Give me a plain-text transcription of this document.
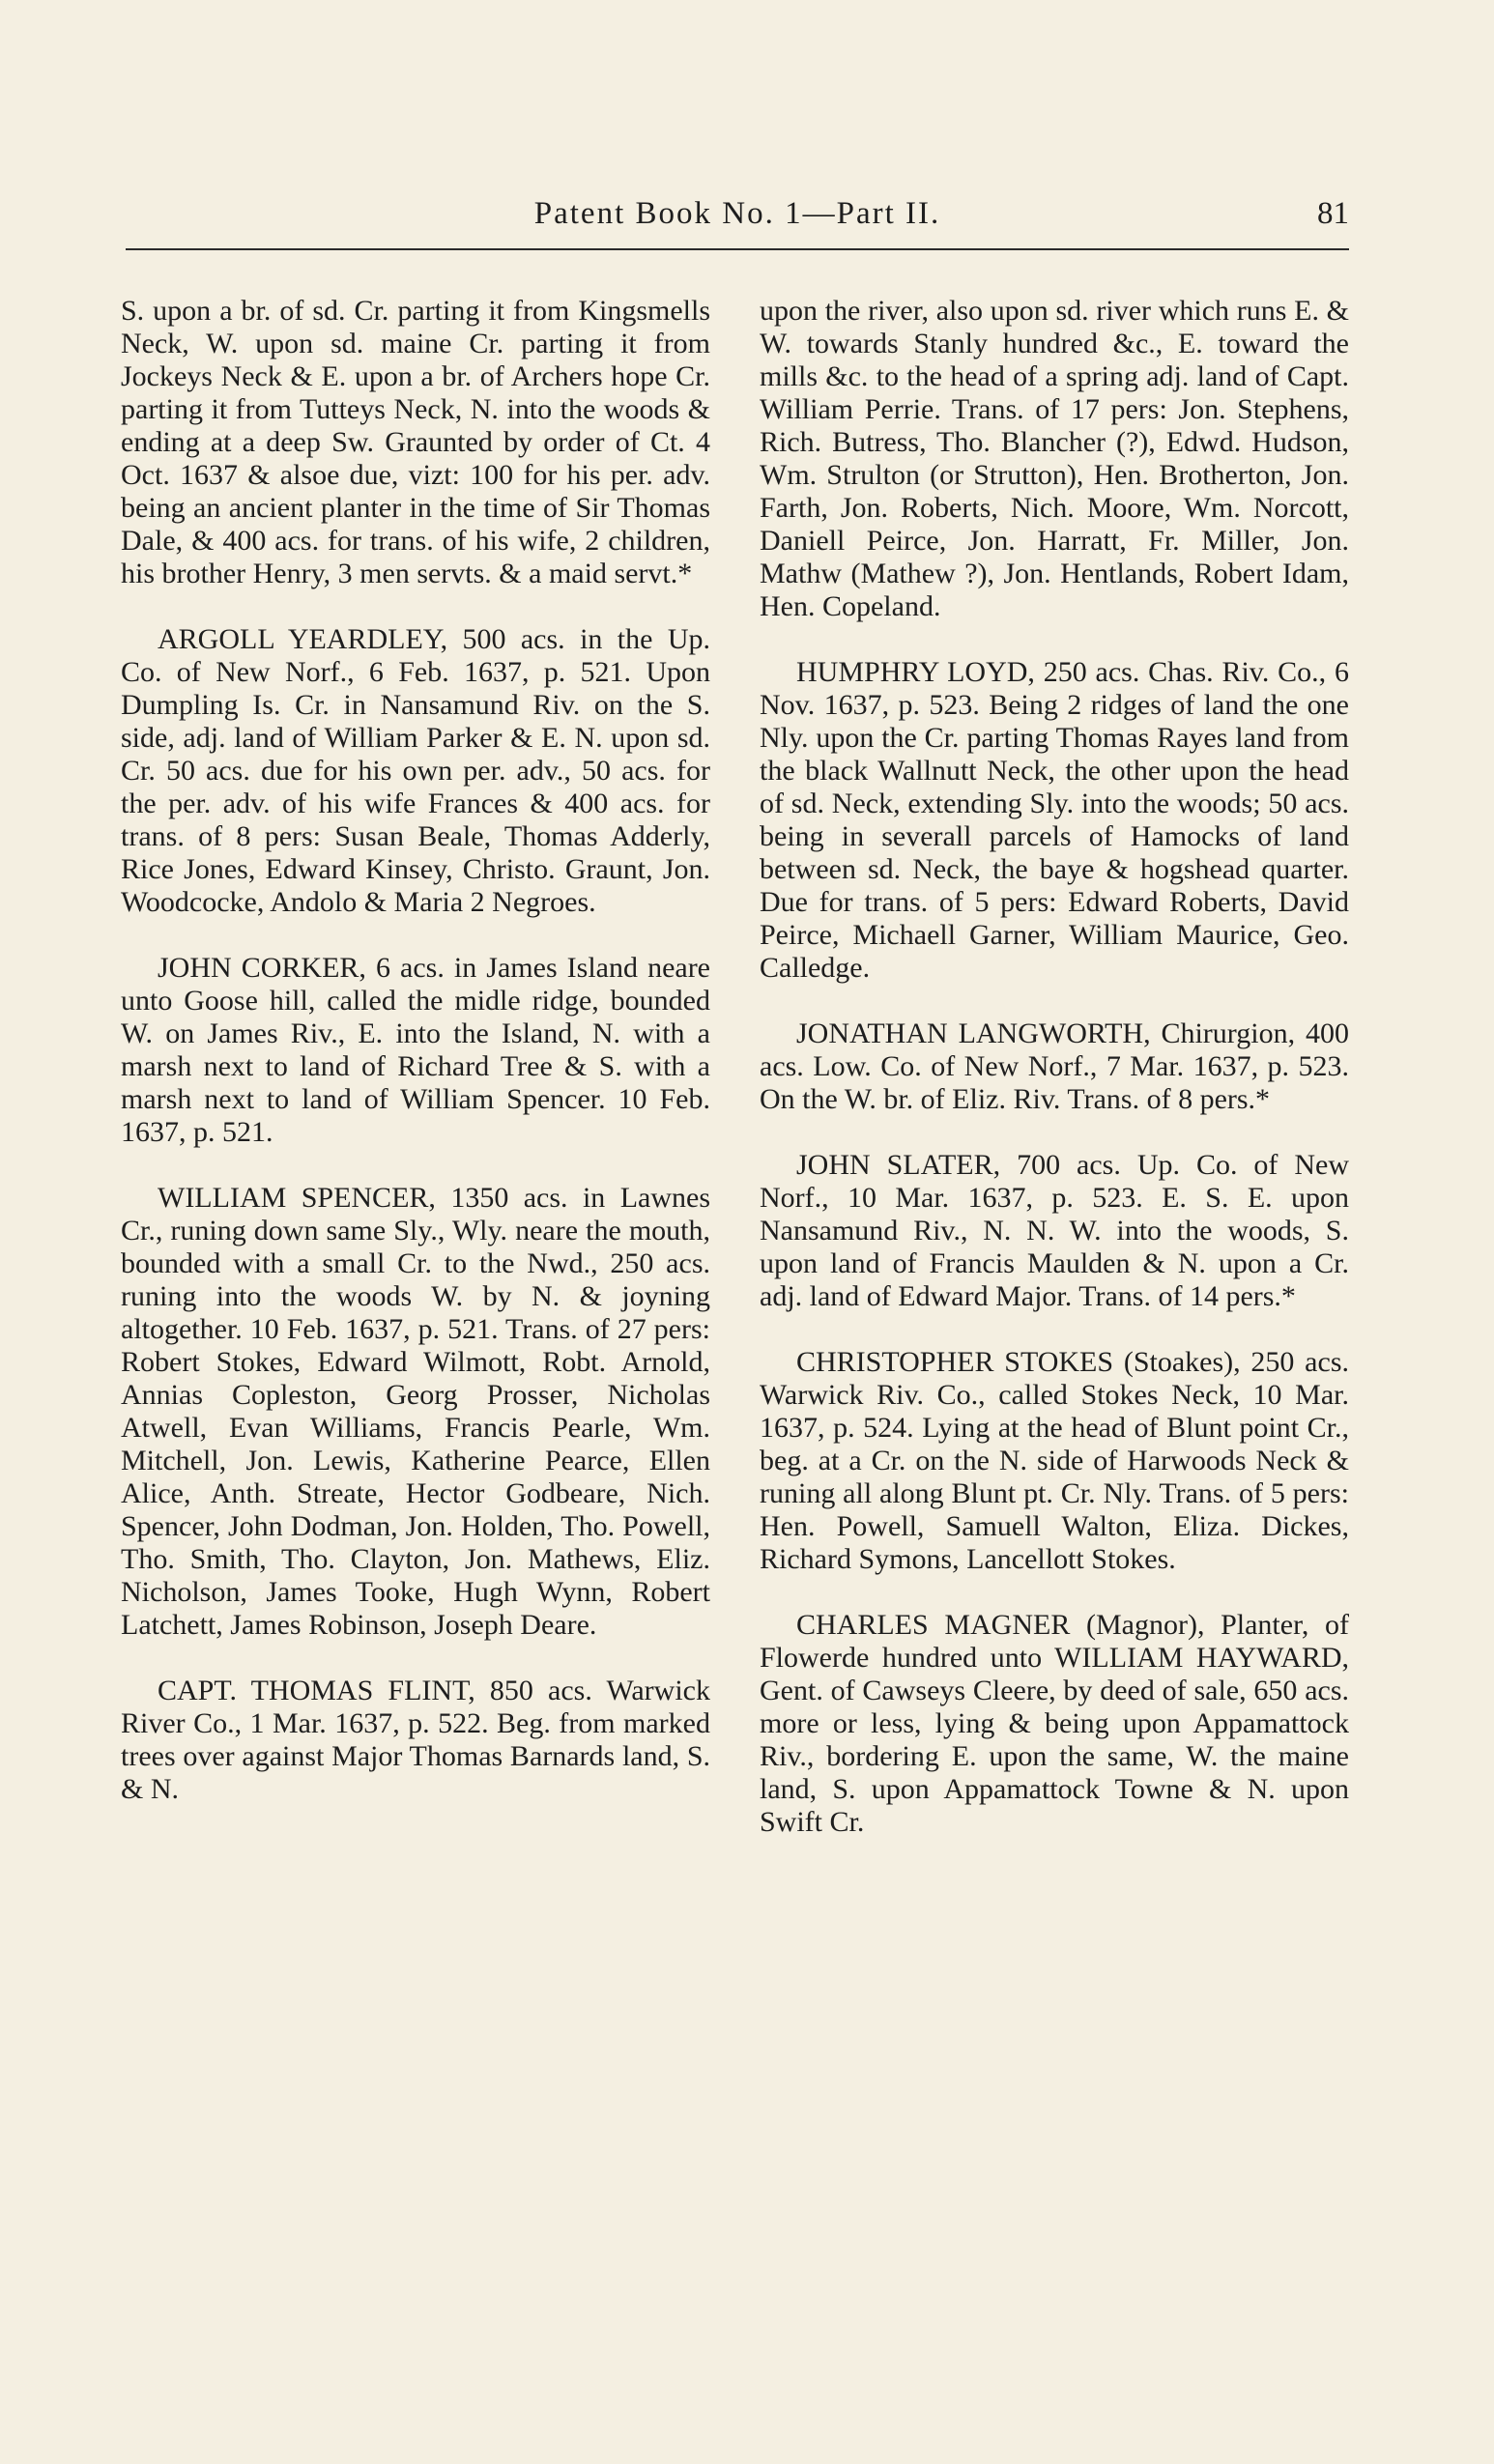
Patent Book No. 1—Part II.	81

S. upon a br. of sd. Cr. parting it from Kingsmells Neck, W. upon sd. maine Cr. parting it from Jockeys Neck & E. upon a br. of Archers hope Cr. parting it from Tutteys Neck, N. into the woods & ending at a deep Sw. Graunted by order of Ct. 4 Oct. 1637 & alsoe due, vizt: 100 for his per. adv. being an ancient planter in the time of Sir Thomas Dale, & 400 acs. for trans. of his wife, 2 children, his brother Henry, 3 men servts. & a maid servt.*

ARGOLL YEARDLEY, 500 acs. in the Up. Co. of New Norf., 6 Feb. 1637, p. 521. Upon Dumpling Is. Cr. in Nansamund Riv. on the S. side, adj. land of William Parker & E. N. upon sd. Cr. 50 acs. due for his own per. adv., 50 acs. for the per. adv. of his wife Frances & 400 acs. for trans. of 8 pers: Susan Beale, Thomas Adderly, Rice Jones, Edward Kinsey, Christo. Graunt, Jon. Woodcocke, Andolo & Maria 2 Negroes.

JOHN CORKER, 6 acs. in James Island neare unto Goose hill, called the midle ridge, bounded W. on James Riv., E. into the Island, N. with a marsh next to land of Richard Tree & S. with a marsh next to land of William Spencer. 10 Feb. 1637, p. 521.

WILLIAM SPENCER, 1350 acs. in Lawnes Cr., runing down same Sly., Wly. neare the mouth, bounded with a small Cr. to the Nwd., 250 acs. runing into the woods W. by N. & joyning altogether. 10 Feb. 1637, p. 521. Trans. of 27 pers: Robert Stokes, Edward Wilmott, Robt. Arnold, Annias Copleston, Georg Prosser, Nicholas Atwell, Evan Williams, Francis Pearle, Wm. Mitchell, Jon. Lewis, Katherine Pearce, Ellen Alice, Anth. Streate, Hector Godbeare, Nich. Spencer, John Dodman, Jon. Holden, Tho. Powell, Tho. Smith, Tho. Clayton, Jon. Mathews, Eliz. Nicholson, James Tooke, Hugh Wynn, Robert Latchett, James Robinson, Joseph Deare.

CAPT. THOMAS FLINT, 850 acs. Warwick River Co., 1 Mar. 1637, p. 522. Beg. from marked trees over against Major Thomas Barnards land, S. & N.

upon the river, also upon sd. river which runs E. & W. towards Stanly hundred &c., E. toward the mills &c. to the head of a spring adj. land of Capt. William Perrie. Trans. of 17 pers: Jon. Stephens, Rich. Butress, Tho. Blancher (?), Edwd. Hudson, Wm. Strulton (or Strutton), Hen. Brotherton, Jon. Farth, Jon. Roberts, Nich. Moore, Wm. Norcott, Daniell Peirce, Jon. Harratt, Fr. Miller, Jon. Mathw (Mathew ?), Jon. Hentlands, Robert Idam, Hen. Copeland.

HUMPHRY LOYD, 250 acs. Chas. Riv. Co., 6 Nov. 1637, p. 523. Being 2 ridges of land the one Nly. upon the Cr. parting Thomas Rayes land from the black Wallnutt Neck, the other upon the head of sd. Neck, extending Sly. into the woods; 50 acs. being in severall parcels of Hamocks of land between sd. Neck, the baye & hogshead quarter. Due for trans. of 5 pers: Edward Roberts, David Peirce, Michaell Garner, William Maurice, Geo. Calledge.

JONATHAN LANGWORTH, Chirurgion, 400 acs. Low. Co. of New Norf., 7 Mar. 1637, p. 523. On the W. br. of Eliz. Riv. Trans. of 8 pers.*

JOHN SLATER, 700 acs. Up. Co. of New Norf., 10 Mar. 1637, p. 523. E. S. E. upon Nansamund Riv., N. N. W. into the woods, S. upon land of Francis Maulden & N. upon a Cr. adj. land of Edward Major. Trans. of 14 pers.*

CHRISTOPHER STOKES (Stoakes), 250 acs. Warwick Riv. Co., called Stokes Neck, 10 Mar. 1637, p. 524. Lying at the head of Blunt point Cr., beg. at a Cr. on the N. side of Harwoods Neck & runing all along Blunt pt. Cr. Nly. Trans. of 5 pers: Hen. Powell, Samuell Walton, Eliza. Dickes, Richard Symons, Lancellott Stokes.

CHARLES MAGNER (Magnor), Planter, of Flowerde hundred unto WILLIAM HAYWARD, Gent. of Cawseys Cleere, by deed of sale, 650 acs. more or less, lying & being upon Appamattock Riv., bordering E. upon the same, W. the maine land, S. upon Appamattock Towne & N. upon Swift Cr.
